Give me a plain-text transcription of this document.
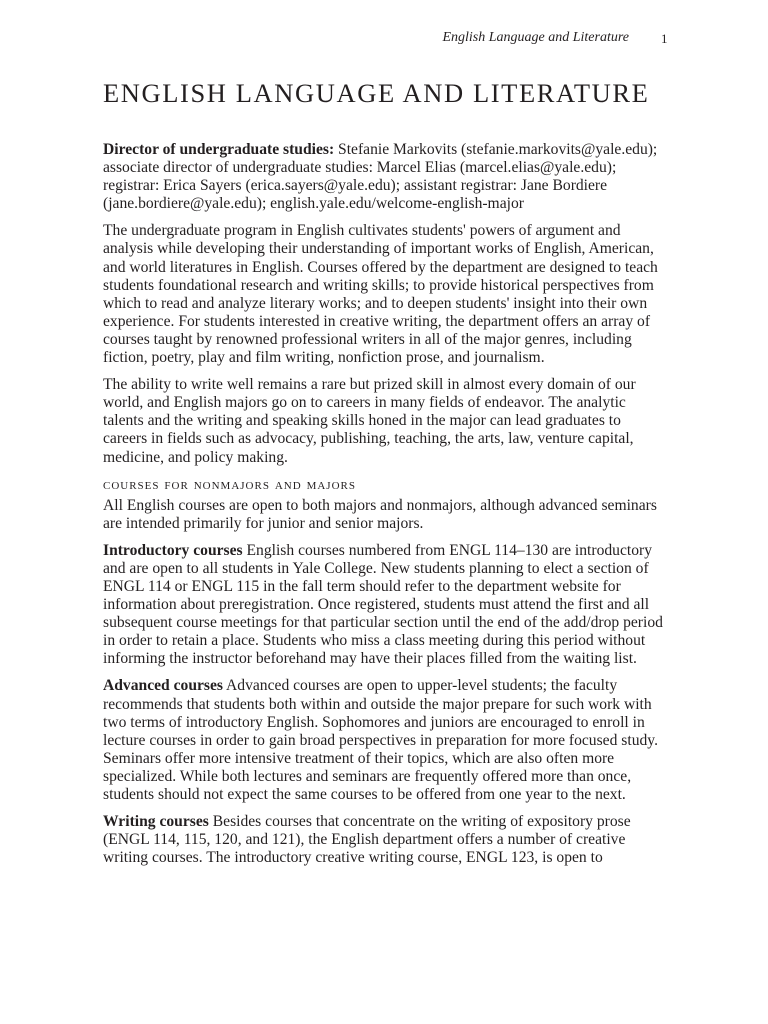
English Language and Literature 1
ENGLISH LANGUAGE AND LITERATURE

Director of undergraduate studies: Stefanie Markovits (stefanie.markovits@yale.edu); associate director of undergraduate studies: Marcel Elias (marcel.elias@yale.edu); registrar: Erica Sayers (erica.sayers@yale.edu); assistant registrar: Jane Bordiere (jane.bordiere@yale.edu); english.yale.edu/welcome-english-major

The undergraduate program in English cultivates students' powers of argument and analysis while developing their understanding of important works of English, American, and world literatures in English. Courses offered by the department are designed to teach students foundational research and writing skills; to provide historical perspectives from which to read and analyze literary works; and to deepen students' insight into their own experience. For students interested in creative writing, the department offers an array of courses taught by renowned professional writers in all of the major genres, including fiction, poetry, play and film writing, nonfiction prose, and journalism.

The ability to write well remains a rare but prized skill in almost every domain of our world, and English majors go on to careers in many fields of endeavor. The analytic talents and the writing and speaking skills honed in the major can lead graduates to careers in fields such as advocacy, publishing, teaching, the arts, law, venture capital, medicine, and policy making.

courses for nonmajors and majors

All English courses are open to both majors and nonmajors, although advanced seminars are intended primarily for junior and senior majors.

Introductory courses English courses numbered from ENGL 114–130 are introductory and are open to all students in Yale College. New students planning to elect a section of ENGL 114 or ENGL 115 in the fall term should refer to the department website for information about preregistration. Once registered, students must attend the first and all subsequent course meetings for that particular section until the end of the add/drop period in order to retain a place. Students who miss a class meeting during this period without informing the instructor beforehand may have their places filled from the waiting list.

Advanced courses Advanced courses are open to upper-level students; the faculty recommends that students both within and outside the major prepare for such work with two terms of introductory English. Sophomores and juniors are encouraged to enroll in lecture courses in order to gain broad perspectives in preparation for more focused study. Seminars offer more intensive treatment of their topics, which are also often more specialized. While both lectures and seminars are frequently offered more than once, students should not expect the same courses to be offered from one year to the next.

Writing courses Besides courses that concentrate on the writing of expository prose (ENGL 114, 115, 120, and 121), the English department offers a number of creative writing courses. The introductory creative writing course, ENGL 123, is open to
